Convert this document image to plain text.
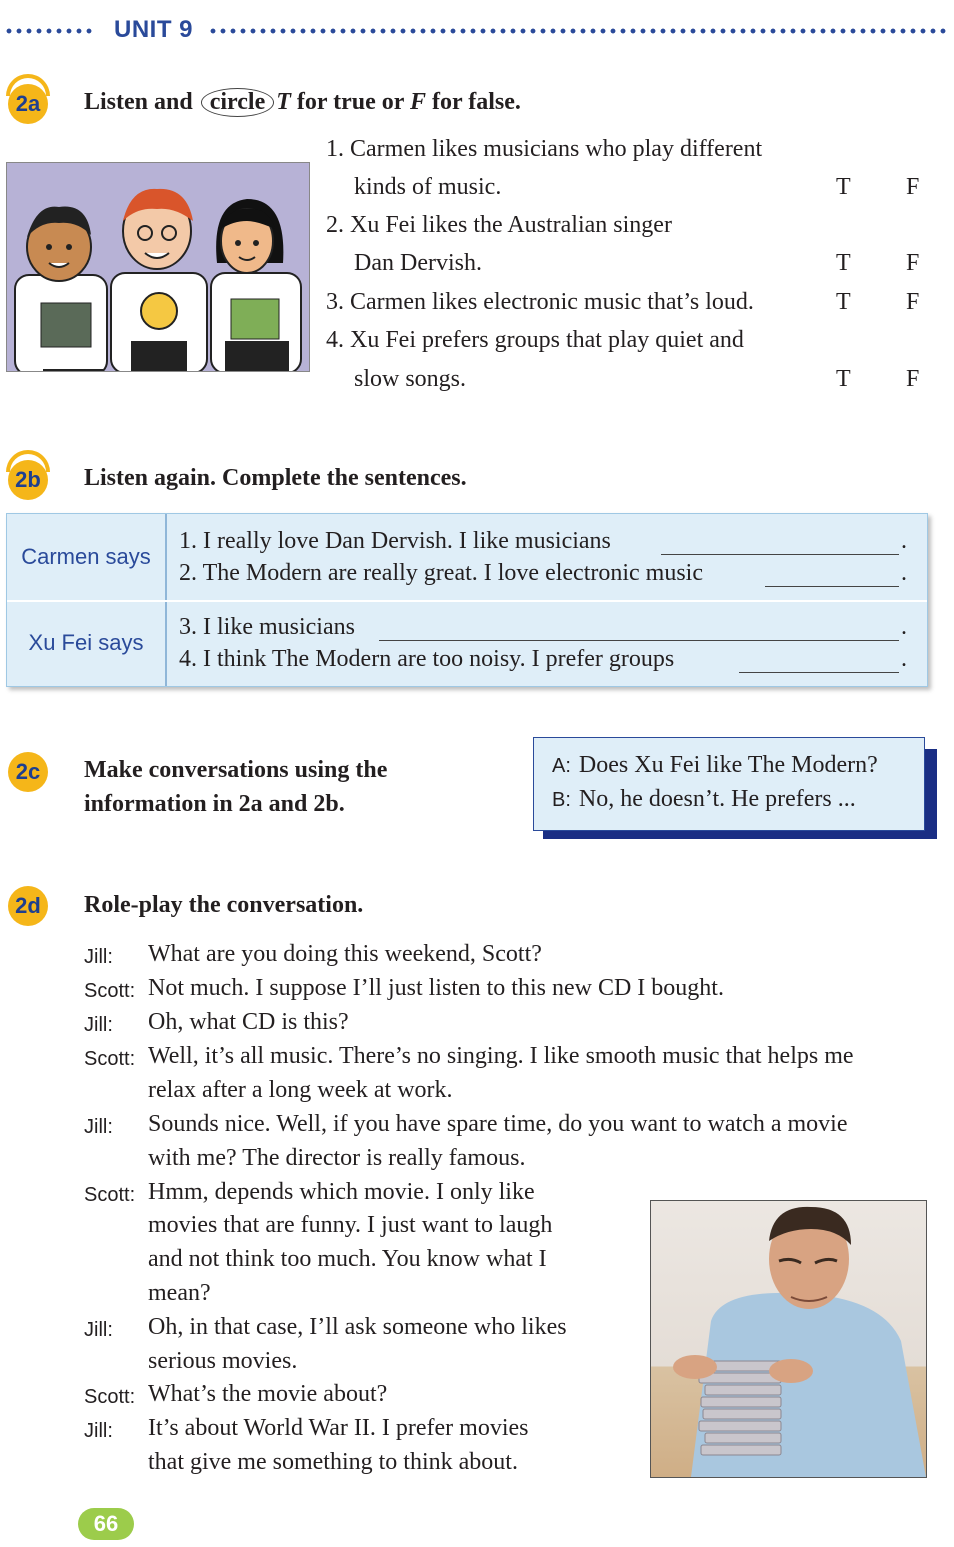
UNIT 9
2a	Listen and circle T for true or F for false.
1. Carmen likes musicians who play different
kinds of music.	T F
2. Xu Fei likes the Australian singer
Dan Dervish.	T F
3. Carmen likes electronic music that’s loud.	T F
4. Xu Fei prefers groups that play quiet and
slow songs.	T F
2b Listen again. Complete the sentences.
Carmen says
1. I really love Dan Dervish. I like musicians	.
2. The Modern are really great. I love electronic music	.
Xu Fei says
3. I like musicians	.
4. I think The Modern are too noisy. I prefer groups	.
2c	Make conversations using the
information in 2a and 2b.
A: Does Xu Fei like The Modern?
B: No, he doesn’t. He prefers ...
2d Role-play the conversation.
Jill: What are you doing this weekend, Scott?
Scott: Not much. I suppose I’ll just listen to this new CD I bought.
Jill: Oh, what CD is this?
Scott: Well, it’s all music. There’s no singing. I like smooth music that helps me
relax after a long week at work.
Jill: Sounds nice. Well, if you have spare time, do you want to watch a movie
with me? The director is really famous.
Scott: Hmm, depends which movie. I only like
movies that are funny. I just want to laugh
and not think too much. You know what I
mean?
Jill: Oh, in that case, I’ll ask someone who likes
serious movies.
Scott: What’s the movie about?
Jill: It’s about World War II. I prefer movies
that give me something to think about.
66
